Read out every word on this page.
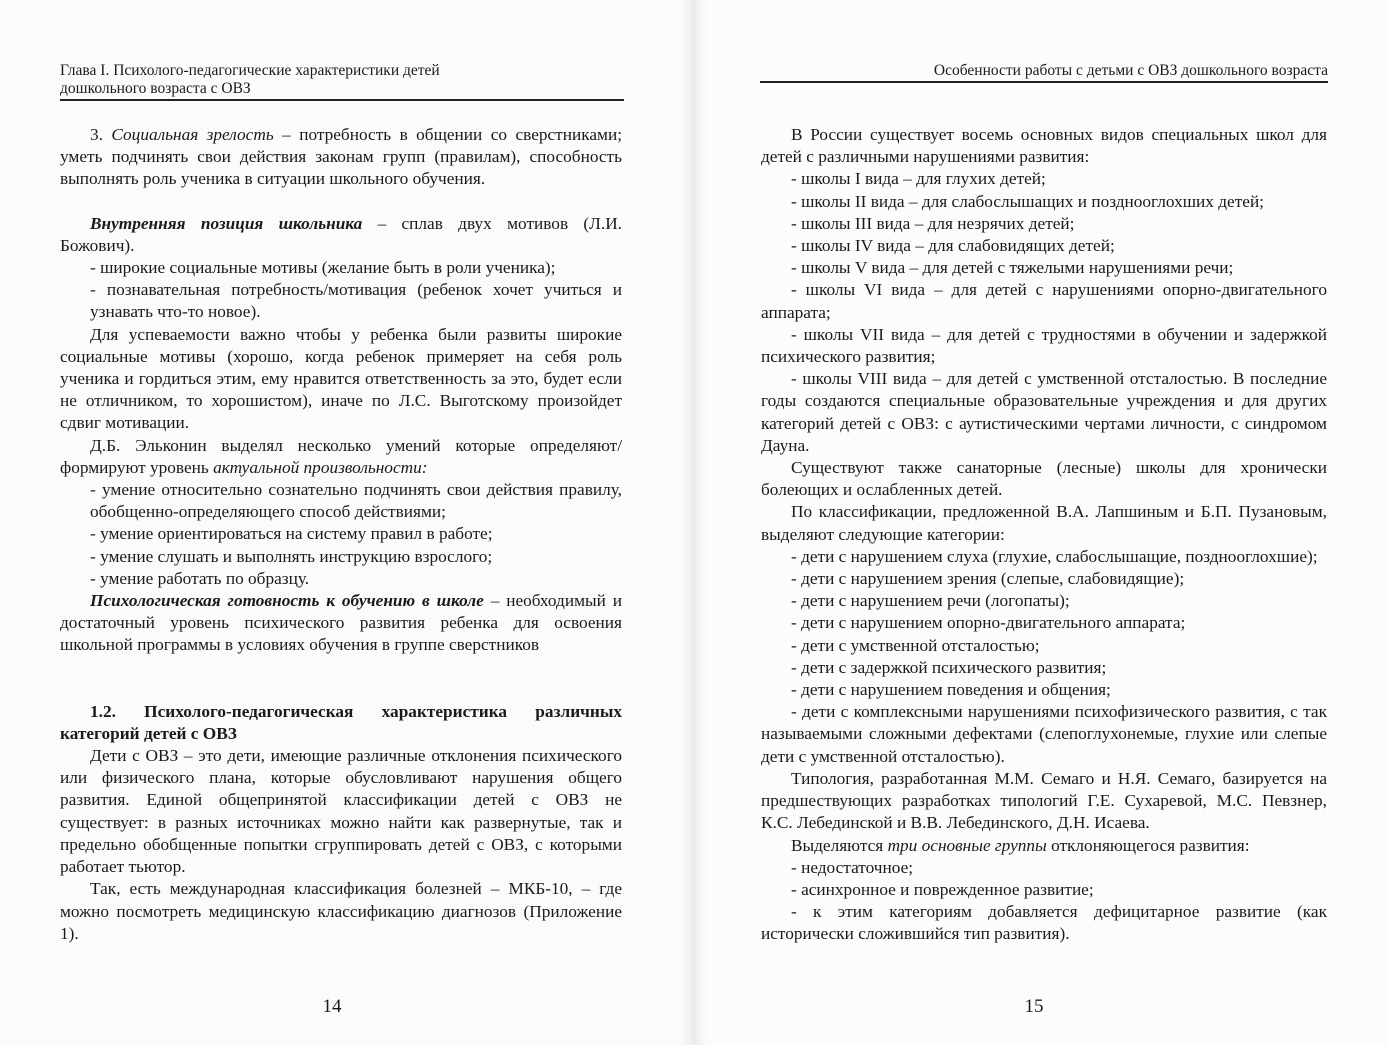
Глава I. Психолого-педагогические характеристики детей
дошкольного возраста с ОВЗ

3. Социальная зрелость – потребность в общении со сверстниками; уметь подчинять свои действия законам групп (правилам), способность выполнять роль ученика в ситуации школьного обучения.

Внутренняя позиция школьника – сплав двух мотивов (Л.И. Божович).

- широкие социальные мотивы (желание быть в роли ученика);

- познавательная потребность/мотивация (ребенок хочет учиться и узнавать что-то новое).

Для успеваемости важно чтобы у ребенка были развиты широкие социальные мотивы (хорошо, когда ребенок примеряет на себя роль ученика и гордиться этим, ему нравится ответственность за это, будет если не отличником, то хорошистом), иначе по Л.С. Выготскому произойдет сдвиг мотивации.

Д.Б. Эльконин выделял несколько умений которые определяют/формируют уровень актуальной произвольности:

- умение относительно сознательно подчинять свои действия правилу, обобщенно-определяющего способ действиями;

- умение ориентироваться на систему правил в работе;

- умение слушать и выполнять инструкцию взрослого;

- умение работать по образцу.

Психологическая готовность к обучению в школе – необходимый и достаточный уровень психического развития ребенка для освоения школьной программы в условиях обучения в группе сверстников

1.2. Психолого-педагогическая характеристика различных категорий детей с ОВЗ

Дети с ОВЗ – это дети, имеющие различные отклонения психического или физического плана, которые обусловливают нарушения общего развития. Единой общепринятой классификации детей с ОВЗ не существует: в разных источниках можно найти как развернутые, так и предельно обобщенные попытки сгруппировать детей с ОВЗ, с которыми работает тьютор.

Так, есть международная классификация болезней – МКБ-10, – где можно посмотреть медицинскую классификацию диагнозов (Приложение 1).

14
Особенности работы с детьми с ОВЗ дошкольного возраста

В России существует восемь основных видов специальных школ для детей с различными нарушениями развития:

- школы I вида – для глухих детей;

- школы II вида – для слабослышащих и позднооглохших детей;

- школы III вида – для незрячих детей;

- школы IV вида – для слабовидящих детей;

- школы V вида – для детей с тяжелыми нарушениями речи;

- школы VI вида – для детей с нарушениями опорно-двигательного аппарата;

- школы VII вида – для детей с трудностями в обучении и задержкой психического развития;

- школы VIII вида – для детей с умственной отсталостью. В последние годы создаются специальные образовательные учреждения и для других категорий детей с ОВЗ: с аутистическими чертами личности, с синдромом Дауна.

Существуют также санаторные (лесные) школы для хронически болеющих и ослабленных детей.

По классификации, предложенной В.А. Лапшиным и Б.П. Пузановым, выделяют следующие категории:

- дети с нарушением слуха (глухие, слабослышащие, позднооглохшие);

- дети с нарушением зрения (слепые, слабовидящие);

- дети с нарушением речи (логопаты);

- дети с нарушением опорно-двигательного аппарата;

- дети с умственной отсталостью;

- дети с задержкой психического развития;

- дети с нарушением поведения и общения;

- дети с комплексными нарушениями психофизического развития, с так называемыми сложными дефектами (слепоглухонемые, глухие или слепые дети с умственной отсталостью).

Типология, разработанная М.М. Семаго и Н.Я. Семаго, базируется на предшествующих разработках типологий Г.Е. Сухаревой, М.С. Певзнер, К.С. Лебединской и В.В. Лебединского, Д.Н. Исаева.

Выделяются три основные группы отклоняющегося развития:

- недостаточное;

- асинхронное и поврежденное развитие;

- к этим категориям добавляется дефицитарное развитие (как исторически сложившийся тип развития).

15
